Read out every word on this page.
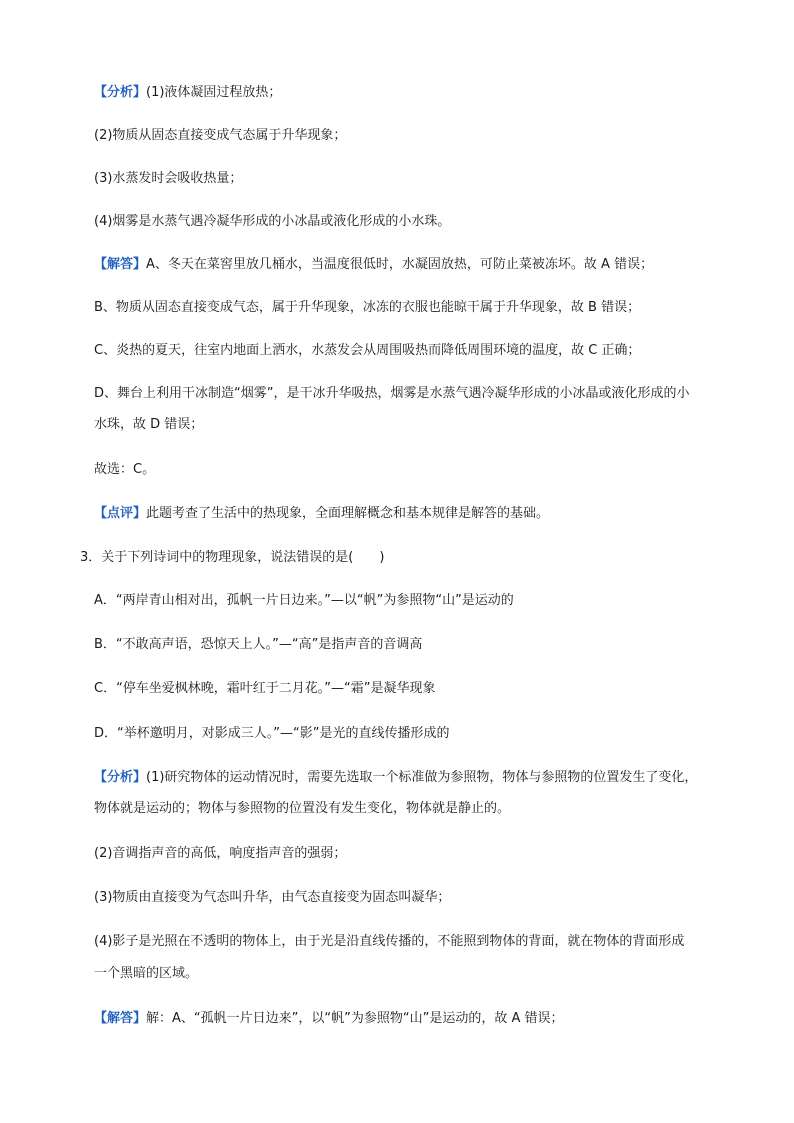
【分析】(1)液体凝固过程放热；
(2)物质从固态直接变成气态属于升华现象；
(3)水蒸发时会吸收热量；
(4)烟雾是水蒸气遇冷凝华形成的小冰晶或液化形成的小水珠。
【解答】A、冬天在菜窖里放几桶水，当温度很低时，水凝固放热，可防止菜被冻坏。故 A 错误；
B、物质从固态直接变成气态，属于升华现象，冰冻的衣服也能晾干属于升华现象，故 B 错误；
C、炎热的夏天，往室内地面上洒水，水蒸发会从周围吸热而降低周围环境的温度，故 C 正确；
D、舞台上利用干冰制造“烟雾”，是干冰升华吸热，烟雾是水蒸气遇冷凝华形成的小冰晶或液化形成的小
水珠，故 D 错误；
故选：C。
【点评】此题考查了生活中的热现象，全面理解概念和基本规律是解答的基础。
3．关于下列诗词中的物理现象，说法错误的是(　　)
A．“两岸青山相对出，孤帆一片日边来。”—以“帆”为参照物“山”是运动的
B．“不敢高声语，恐惊天上人。”—“高”是指声音的音调高
C．“停车坐爱枫林晚，霜叶红于二月花。”—“霜”是凝华现象
D．“举杯邀明月，对影成三人。”—“影”是光的直线传播形成的
【分析】(1)研究物体的运动情况时，需要先选取一个标准做为参照物，物体与参照物的位置发生了变化，
物体就是运动的；物体与参照物的位置没有发生变化，物体就是静止的。
(2)音调指声音的高低，响度指声音的强弱；
(3)物质由直接变为气态叫升华，由气态直接变为固态叫凝华；
(4)影子是光照在不透明的物体上，由于光是沿直线传播的，不能照到物体的背面，就在物体的背面形成
一个黑暗的区域。
【解答】解：A、“孤帆一片日边来”，以“帆”为参照物“山”是运动的，故 A 错误；
